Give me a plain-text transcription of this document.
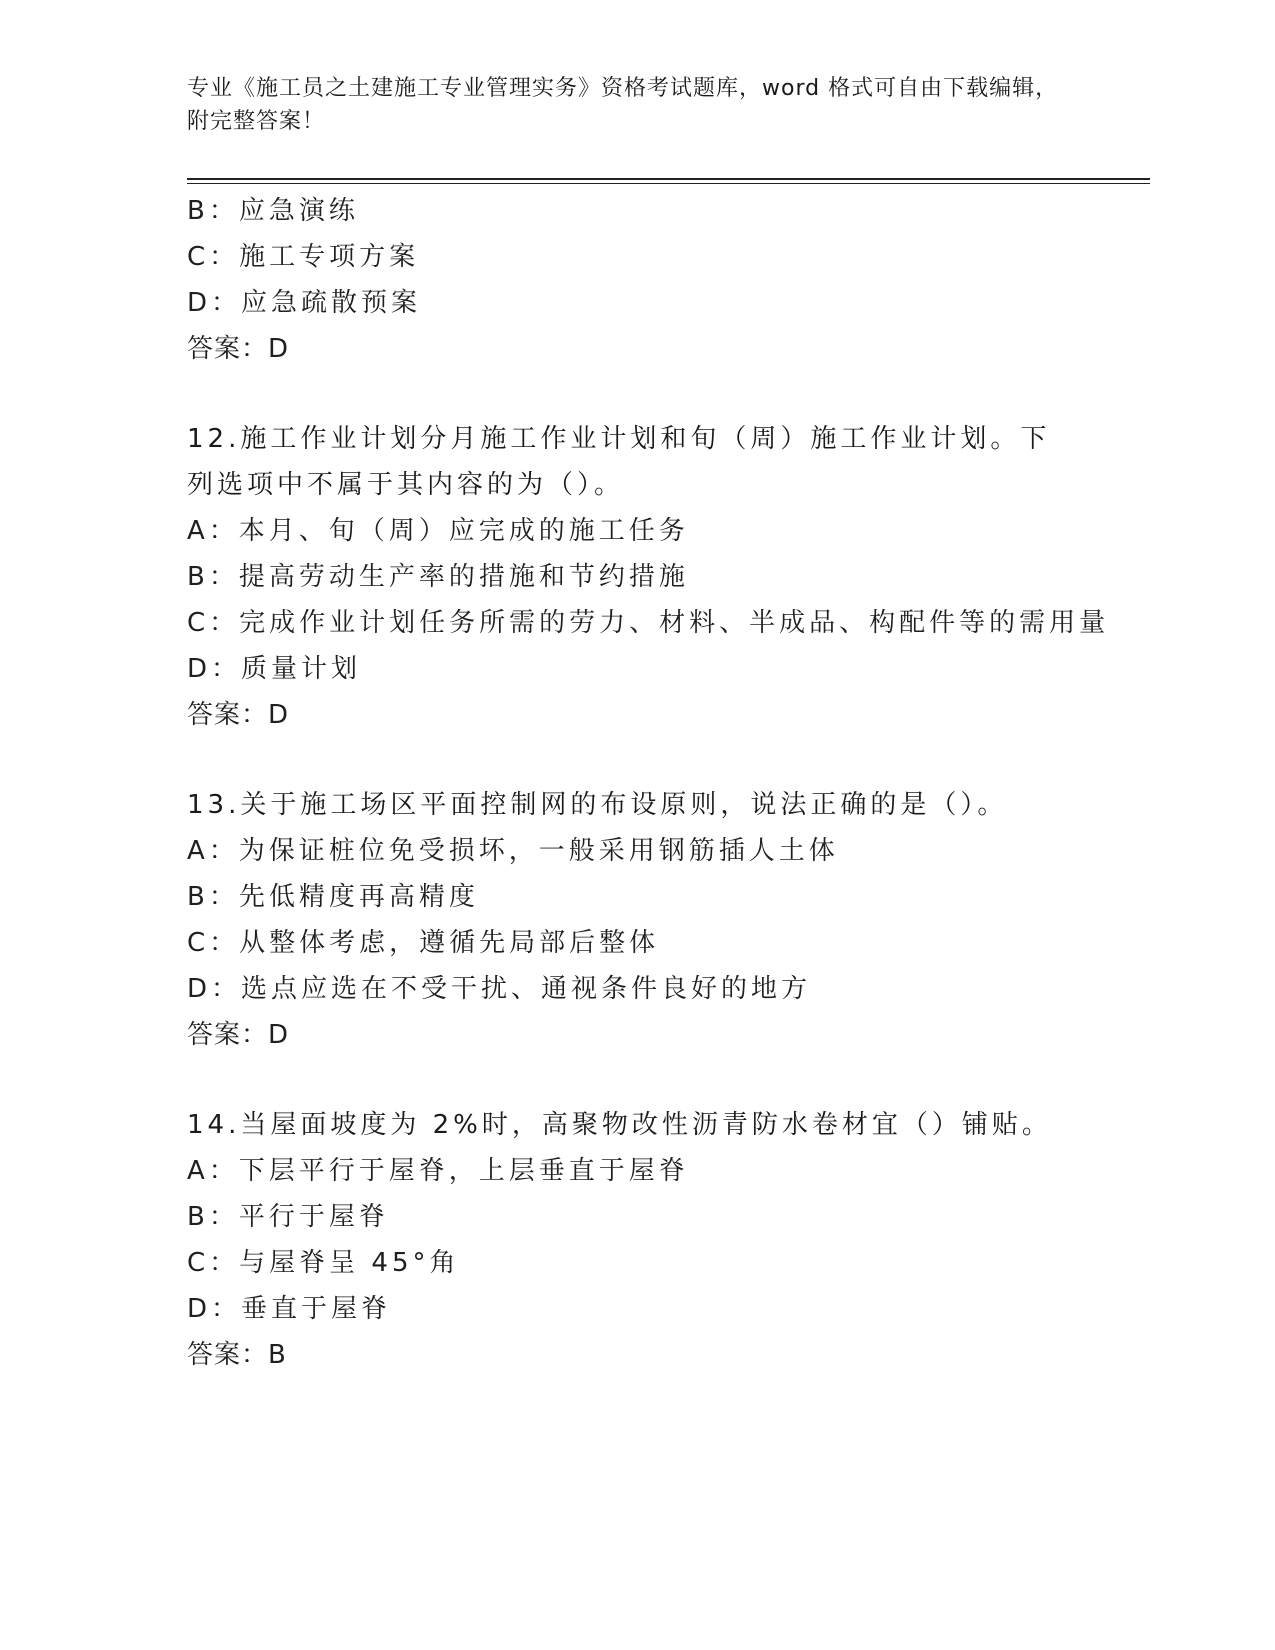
专业《施工员之土建施工专业管理实务》资格考试题库，word 格式可自由下载编辑，附完整答案！
B：应急演练
C：施工专项方案
D：应急疏散预案
答案：D
12.施工作业计划分月施工作业计划和旬（周）施工作业计划。下列选项中不属于其内容的为（）。
A：本月、旬（周）应完成的施工任务
B：提高劳动生产率的措施和节约措施
C：完成作业计划任务所需的劳力、材料、半成品、构配件等的需用量
D：质量计划
答案：D
13.关于施工场区平面控制网的布设原则，说法正确的是（）。
A：为保证桩位免受损坏，一般采用钢筋插人土体
B：先低精度再高精度
C：从整体考虑，遵循先局部后整体
D：选点应选在不受干扰、通视条件良好的地方
答案：D
14.当屋面坡度为 2%时，高聚物改性沥青防水卷材宜（）铺贴。
A：下层平行于屋脊，上层垂直于屋脊
B：平行于屋脊
C：与屋脊呈 45°角
D：垂直于屋脊
答案：B
